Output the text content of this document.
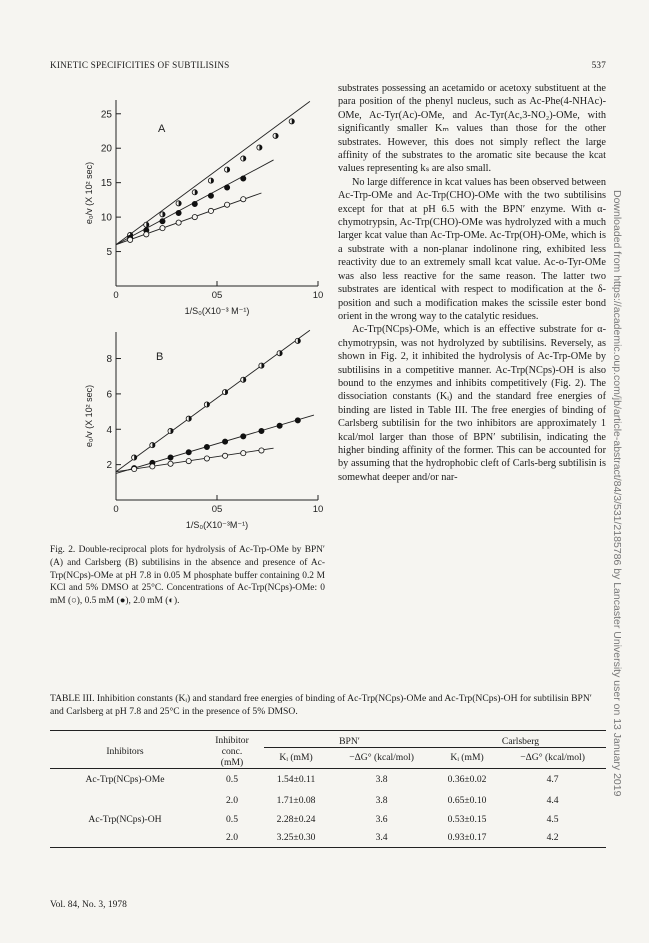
KINETIC SPECIFICITIES OF SUBTILISINS	537
5
10
15
20
25
0	05	10
1/S₀(X10⁻³ M⁻¹)
e₀/v (X 10² sec)
A
2
4
6
8
0	05	10
1/S₀(X10⁻³M⁻¹)
e₀/v (X 10² sec)
B
Fig. 2. Double-reciprocal plots for hydrolysis of Ac-Trp-OMe by BPN′ (A) and Carlsberg (B) subtilisins in the absence and presence of Ac-Trp(NCps)-OMe at pH 7.8 in 0.05 M phosphate buffer containing 0.2 M KCl and 5% DMSO at 25°C. Concentrations of Ac-Trp(NCps)-OMe: 0 mM (○), 0.5 mM (●), 2.0 mM (◐).

substrates possessing an acetamido or acetoxy substituent at the para position of the phenyl nucleus, such as Ac-Phe(4-NHAc)-OMe, Ac-Tyr(Ac)-OMe, and Ac-Tyr(Ac,3-NO₂)-OMe, with significantly smaller Kₘ values than those for the other substrates. However, this does not simply reflect the large affinity of the substrates to the aromatic site because the kcat values representing kₛ are also small.

No large difference in kcat values has been observed between Ac-Trp-OMe and Ac-Trp(CHO)-OMe with the two subtilisins except for that at pH 6.5 with the BPN′ enzyme. With α-chymotrypsin, Ac-Trp(CHO)-OMe was hydrolyzed with a much larger kcat value than Ac-Trp-OMe. Ac-Trp(OH)-OMe, which is a substrate with a non-planar indolinone ring, exhibited less reactivity due to an extremely small kcat value. Ac-o-Tyr-OMe was also less reactive for the same reason. The latter two substrates are identical with respect to modification at the δ-position and such a modification makes the scissile ester bond orient in the wrong way to the catalytic residues.

Ac-Trp(NCps)-OMe, which is an effective substrate for α-chymotrypsin, was not hydrolyzed by subtilisins. Reversely, as shown in Fig. 2, it inhibited the hydrolysis of Ac-Trp-OMe by subtilisins in a competitive manner. Ac-Trp(NCps)-OH is also bound to the enzymes and inhibits competitively (Fig. 2). The dissociation constants (Kᵢ) and the standard free energies of binding are listed in Table III. The free energies of binding of Carlsberg subtilisin for the two inhibitors are approximately 1 kcal/mol larger than those of BPN′ subtilisin, indicating the higher binding affinity of the former. This can be accounted for by assuming that the hydrophobic cleft of Carls-berg subtilisin is somewhat deeper and/or nar-	Downloaded from https://academic.oup.com/jb/article-abstract/84/3/531/2185786 by Lancaster University user on 13 January 2019
TABLE III. Inhibition constants (Kᵢ) and standard free energies of binding of Ac-Trp(NCps)-OMe and Ac-Trp(NCps)-OH for subtilisin BPN′ and Carlsberg at pH 7.8 and 25°C in the presence of 5% DMSO.
Inhibitors	Inhibitor
conc.
(mM)	BPN′		Carlsberg	
		Kᵢ (mM)	−ΔG° (kcal/mol)	Kᵢ (mM)	−ΔG° (kcal/mol)
Ac-Trp(NCps)-OMe	0.5	1.54±0.11	3.8	0.36±0.02	4.7
	2.0	1.71±0.08	3.8	0.65±0.10	4.4
Ac-Trp(NCps)-OH	0.5	2.28±0.24	3.6	0.53±0.15	4.5
	2.0	3.25±0.30	3.4	0.93±0.17	4.2
Vol. 84, No. 3, 1978
